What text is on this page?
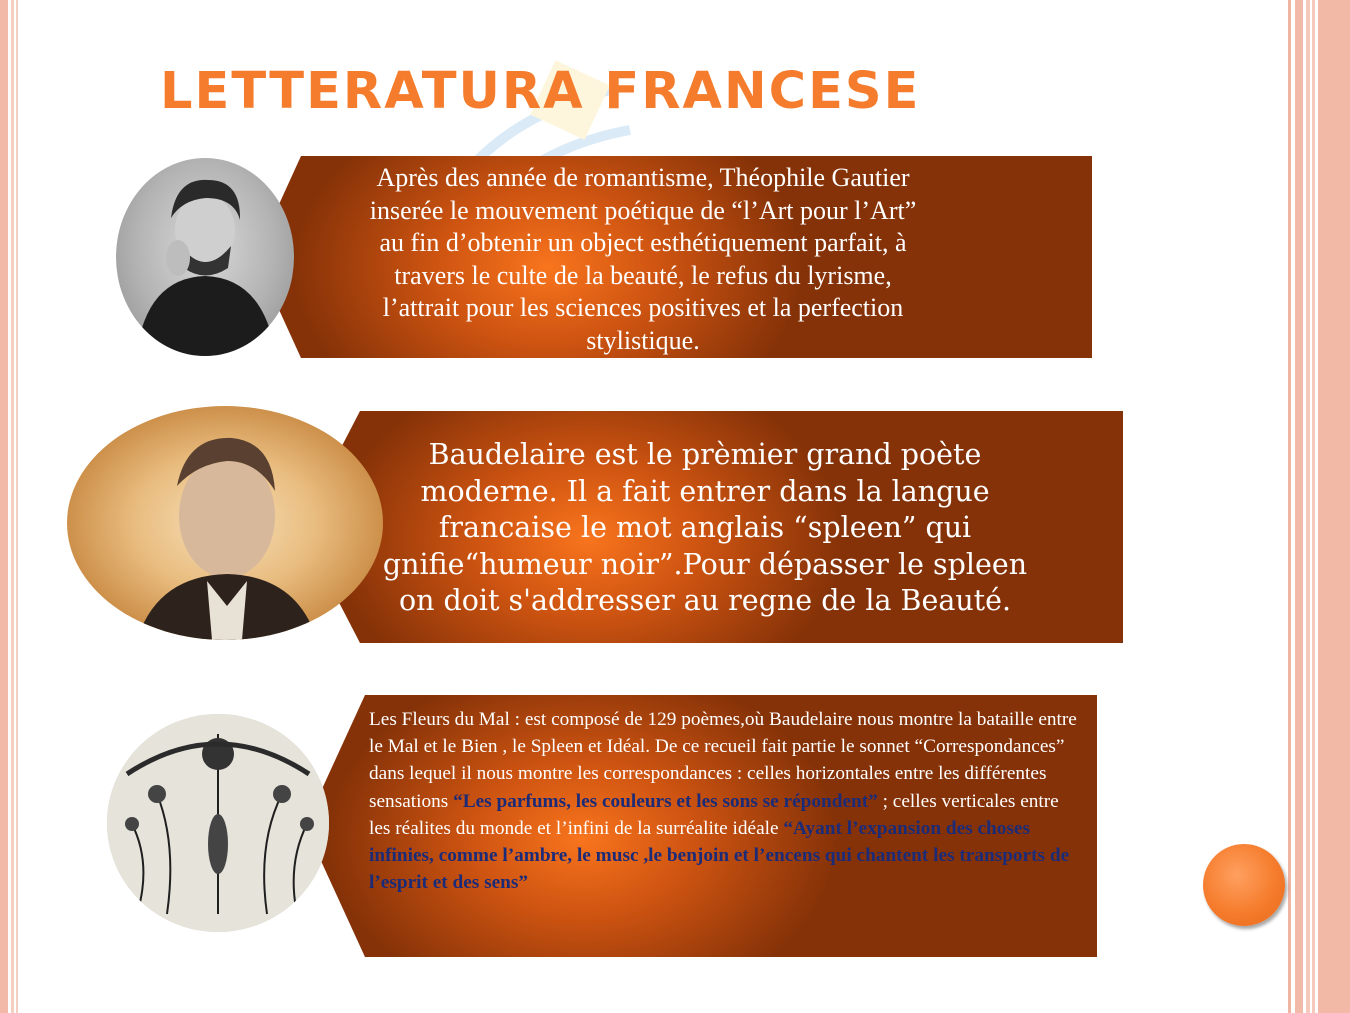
LETTERATURA FRANCESE
Après des année de romantisme, Théophile Gautier
inserée le mouvement poétique de “l’Art pour l’Art”
au fin d’obtenir un object esthétiquement parfait, à
travers le culte de la beauté, le refus du lyrisme,
l’attrait pour les sciences positives et la perfection
stylistique.
Baudelaire est le prèmier grand poète
moderne. Il a fait entrer dans la langue
francaise le mot anglais “spleen” qui
gnifie“humeur noir”.Pour dépasser le spleen
on doit s'addresser au regne de la Beauté.
Les Fleurs du Mal : est composé de 129 poèmes,où Baudelaire nous montre la bataille entre le Mal et le Bien , le Spleen et Idéal. De ce recueil fait partie le sonnet “Correspondances” dans lequel il nous montre les correspondances : celles horizontales entre les différentes sensations “Les parfums, les couleurs et les sons se répondent” ; celles verticales entre les réalites du monde et l’infini de la surréalite idéale “Ayant l’expansion des choses infinies, comme l’ambre, le musc ,le benjoin et l’encens qui chantent les transports de l’esprit et des sens”
